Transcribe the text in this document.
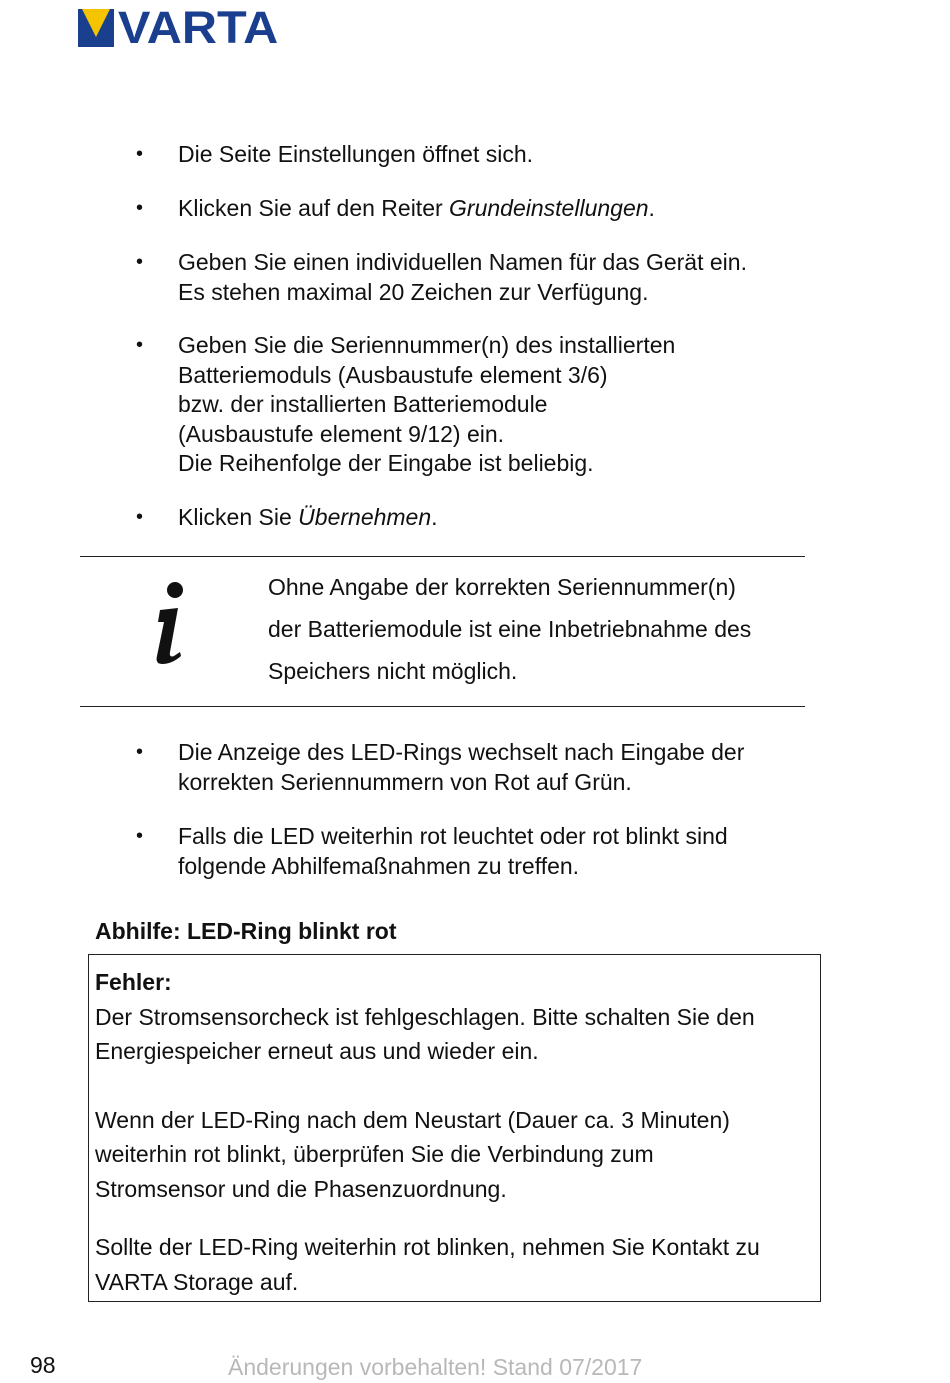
VARTA
• Die Seite Einstellungen öffnet sich.
• Klicken Sie auf den Reiter Grundeinstellungen.
• Geben Sie einen individuellen Namen für das Gerät ein.
Es stehen maximal 20 Zeichen zur Verfügung.
• Geben Sie die Seriennummer(n) des installierten
Batteriemoduls (Ausbaustufe element 3/6)
bzw. der installierten Batteriemodule
(Ausbaustufe element 9/12) ein.
Die Reihenfolge der Eingabe ist beliebig.
• Klicken Sie Übernehmen.
Ohne Angabe der korrekten Seriennummer(n)
der Batteriemodule ist eine Inbetriebnahme des
Speichers nicht möglich.
• Die Anzeige des LED-Rings wechselt nach Eingabe der
korrekten Seriennummern von Rot auf Grün.
• Falls die LED weiterhin rot leuchtet oder rot blinkt sind
folgende Abhilfemaßnahmen zu treffen.
Abhilfe: LED-Ring blinkt rot
Fehler:
Der Stromsensorcheck ist fehlgeschlagen. Bitte schalten Sie den
Energiespeicher erneut aus und wieder ein.
Wenn der LED-Ring nach dem Neustart (Dauer ca. 3 Minuten)
weiterhin rot blinkt, überprüfen Sie die Verbindung zum
Stromsensor und die Phasenzuordnung.
Sollte der LED-Ring weiterhin rot blinken, nehmen Sie Kontakt zu
VARTA Storage auf.
98	Änderungen vorbehalten! Stand 07/2017
